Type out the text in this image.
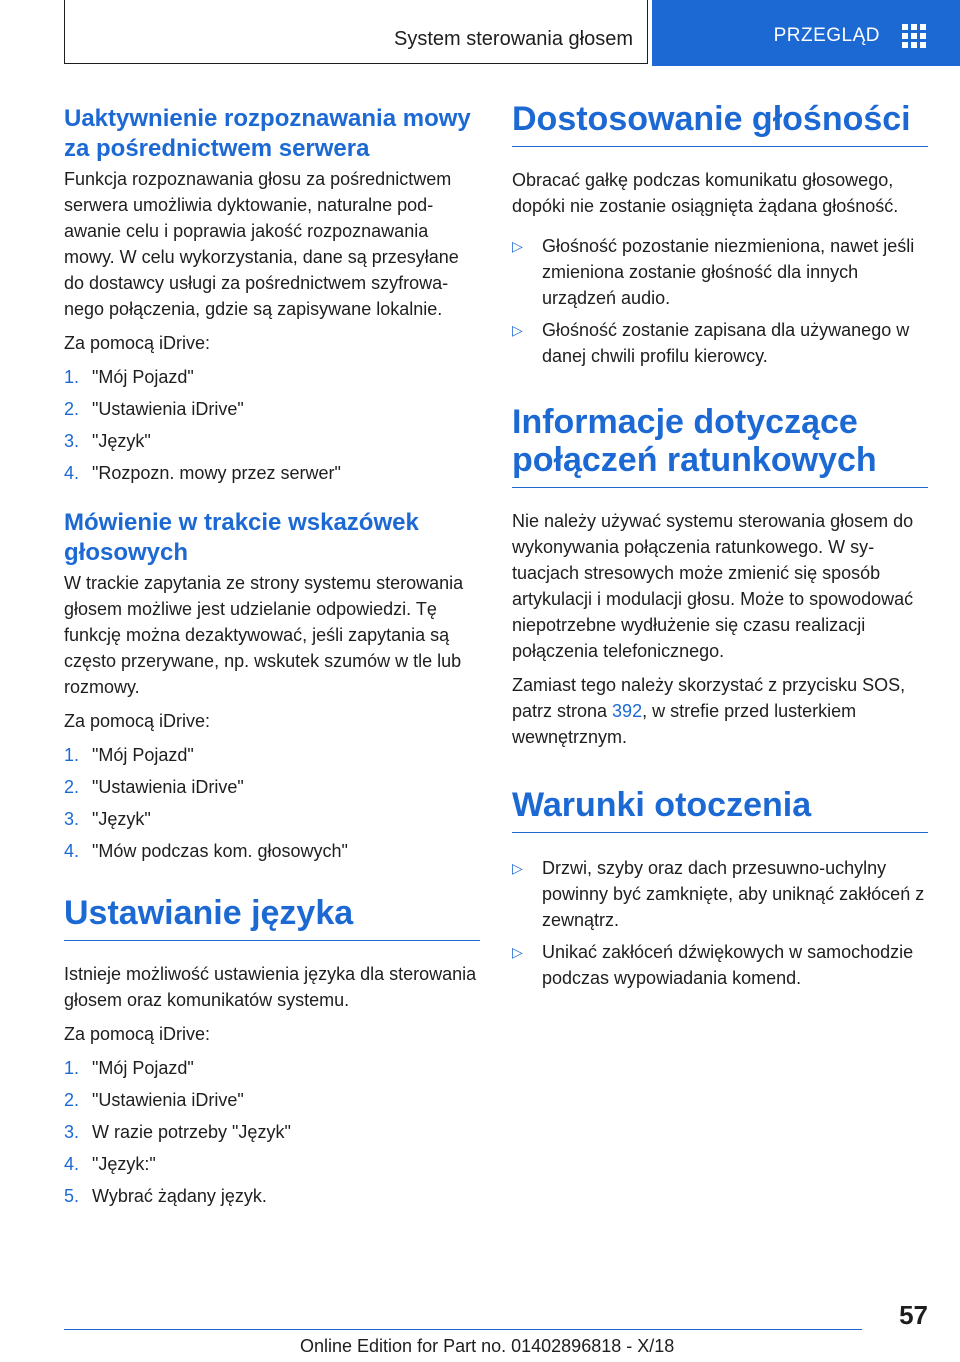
System sterowania głosem	PRZEGLĄD
Uaktywnienie rozpoznawania mowy za pośrednictwem serwera

Funkcja rozpoznawania głosu za pośrednictwem serwera umożliwia dyktowanie, naturalne podawanie celu i poprawia jakość rozpoznawania mowy. W celu wykorzystania, dane są przesyłane do dostawcy usługi za pośrednictwem szyfrowanego połączenia, gdzie są zapisywane lokalnie.

Za pomocą iDrive:

1. "Mój Pojazd"
2. "Ustawienia iDrive"
3. "Język"
4. "Rozpozn. mowy przez serwer"
Mówienie w trakcie wskazówek głosowych

W trackie zapytania ze strony systemu sterowania głosem możliwe jest udzielanie odpowiedzi. Tę funkcję można dezaktywować, jeśli zapytania są często przerywane, np. wskutek szumów w tle lub rozmowy.

Za pomocą iDrive:

1. "Mój Pojazd"
2. "Ustawienia iDrive"
3. "Język"
4. "Mów podczas kom. głosowych"
Ustawianie języka

Istnieje możliwość ustawienia języka dla sterowania głosem oraz komunikatów systemu.

Za pomocą iDrive:

1. "Mój Pojazd"
2. "Ustawienia iDrive"
3. W razie potrzeby "Język"
4. "Język:"
5. Wybrać żądany język.
Dostosowanie głośności

Obracać gałkę podczas komunikatu głosowego, dopóki nie zostanie osiągnięta żądana głośność.

▷	Głośność pozostanie niezmieniona, nawet jeśli zmieniona zostanie głośność dla innych urządzeń audio.
▷	Głośność zostanie zapisana dla używanego w danej chwili profilu kierowcy.
Informacje dotyczące połączeń ratunkowych

Nie należy używać systemu sterowania głosem do wykonywania połączenia ratunkowego. W sytuacjach stresowych może zmienić się sposób artykulacji i modulacji głosu. Może to spowodować niepotrzebne wydłużenie się czasu realizacji połączenia telefonicznego.

Zamiast tego należy skorzystać z przycisku SOS, patrz strona 392, w strefie przed lusterkiem wewnętrznym.

Warunki otoczenia
▷	Drzwi, szyby oraz dach przesuwno-uchylny powinny być zamknięte, aby uniknąć zakłóceń z zewnątrz.
▷	Unikać zakłóceń dźwiękowych w samochodzie podczas wypowiadania komend.
57
Online Edition for Part no. 01402896818 - X/18
